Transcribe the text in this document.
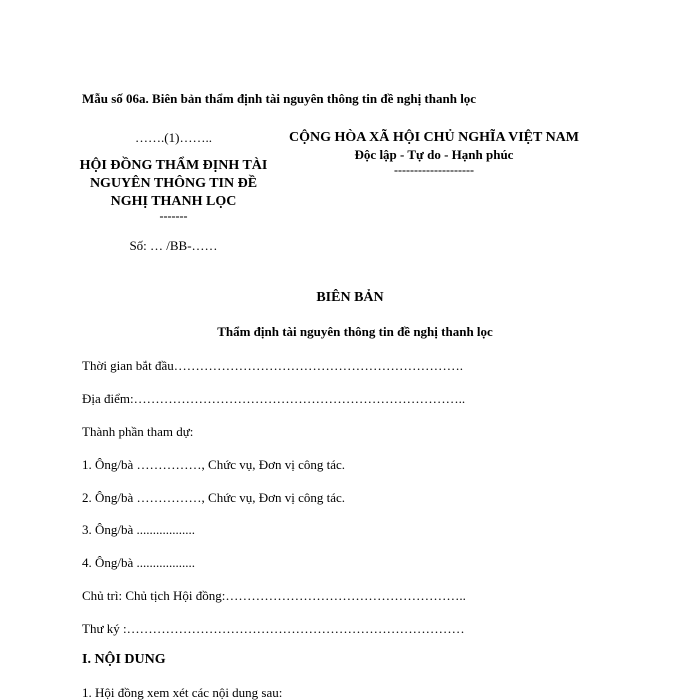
Mẫu số 06a. Biên bản thẩm định tài nguyên thông tin đề nghị thanh lọc
…….(1)……..
HỘI ĐỒNG THẨM ĐỊNH TÀI NGUYÊN THÔNG TIN ĐỀ NGHỊ THANH LỌC
-------
Số: … /BB-……
CỘNG HÒA XÃ HỘI CHỦ NGHĨA VIỆT NAM
Độc lập - Tự do - Hạnh phúc
--------------------
BIÊN BẢN
Thẩm định tài nguyên thông tin đề nghị thanh lọc
Thời gian bắt đầu………………………………………………………….
Địa điểm:…………………………………………………………………..
Thành phần tham dự:
1. Ông/bà ……………, Chức vụ, Đơn vị công tác.
2. Ông/bà ……………, Chức vụ, Đơn vị công tác.
3. Ông/bà ..................
4. Ông/bà ..................
Chủ trì: Chủ tịch Hội đồng:………………………………………………..
Thư ký :……………………………………………………………………
I. NỘI DUNG
1. Hội đồng xem xét các nội dung sau:
